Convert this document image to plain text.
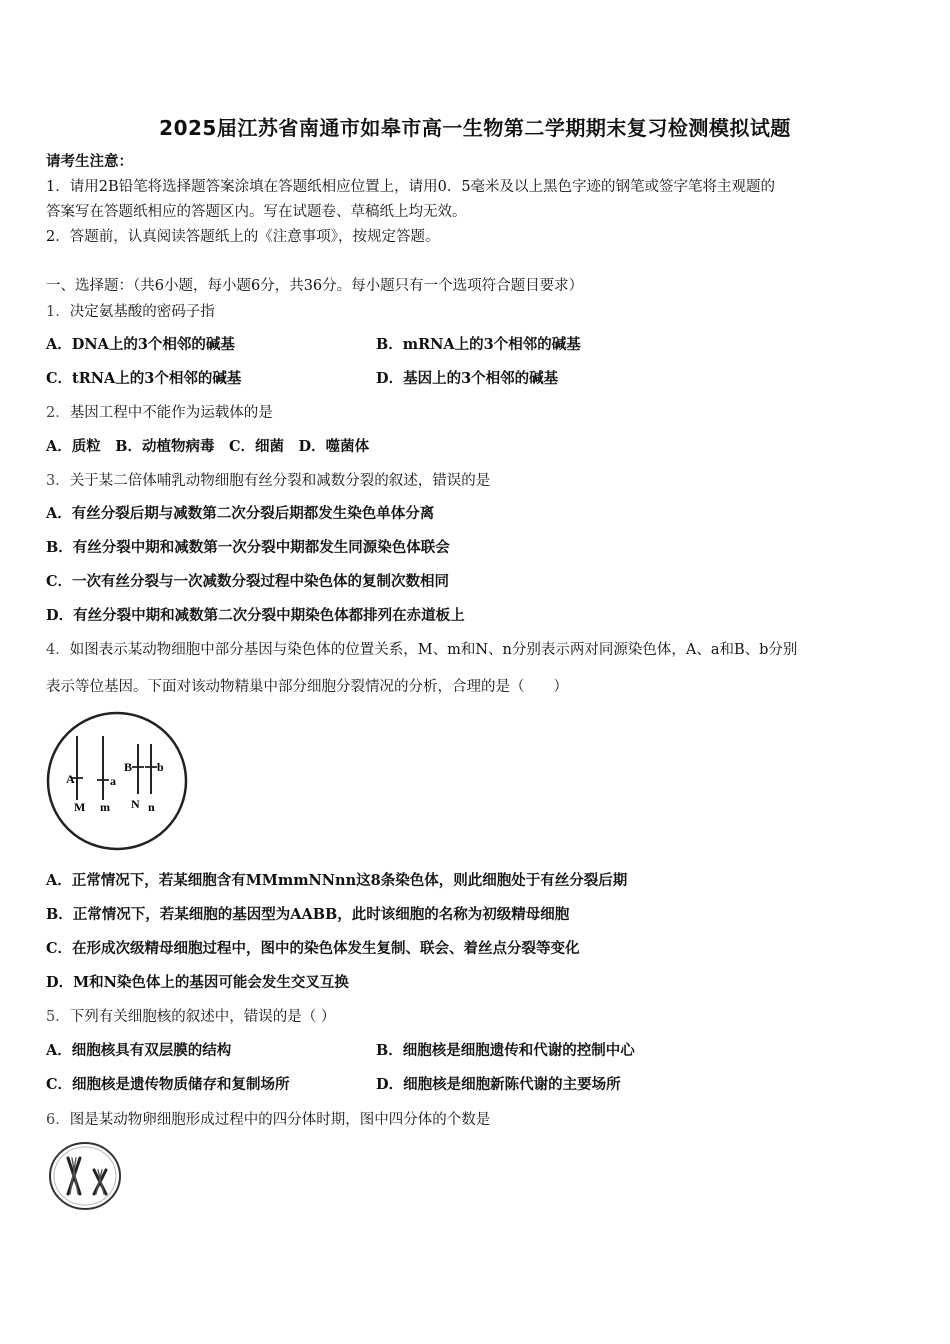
2025届江苏省南通市如皋市高一生物第二学期期末复习检测模拟试题
请考生注意：
1．请用2B铅笔将选择题答案涂填在答题纸相应位置上，请用0．5毫米及以上黑色字迹的钢笔或签字笔将主观题的
答案写在答题纸相应的答题区内。写在试题卷、草稿纸上均无效。
2．答题前，认真阅读答题纸上的《注意事项》，按规定答题。
一、选择题：（共6小题，每小题6分，共36分。每小题只有一个选项符合题目要求）
1．决定氨基酸的密码子指
A．DNA上的3个相邻的碱基	B．mRNA上的3个相邻的碱基
C．tRNA上的3个相邻的碱基	D．基因上的3个相邻的碱基
2．基因工程中不能作为运载体的是
A．质粒　B．动植物病毒　C．细菌　D．噬菌体
3．关于某二倍体哺乳动物细胞有丝分裂和减数分裂的叙述，错误的是
A．有丝分裂后期与减数第二次分裂后期都发生染色单体分离
B．有丝分裂中期和减数第一次分裂中期都发生同源染色体联会
C．一次有丝分裂与一次减数分裂过程中染色体的复制次数相同
D．有丝分裂中期和减数第二次分裂中期染色体都排列在赤道板上
4．如图表示某动物细胞中部分基因与染色体的位置关系，M、m和N、n分别表示两对同源染色体，A、a和B、b分别
表示等位基因。下面对该动物精巢中部分细胞分裂情况的分析，合理的是（　　）
A	a
B b
M m N n
A．正常情况下，若某细胞含有MMmmNNnn这8条染色体，则此细胞处于有丝分裂后期
B．正常情况下，若某细胞的基因型为AABB，此时该细胞的名称为初级精母细胞
C．在形成次级精母细胞过程中，图中的染色体发生复制、联会、着丝点分裂等变化
D．M和N染色体上的基因可能会发生交叉互换
5．下列有关细胞核的叙述中，错误的是（ ）
A．细胞核具有双层膜的结构	B．细胞核是细胞遗传和代谢的控制中心
C．细胞核是遗传物质储存和复制场所	D．细胞核是细胞新陈代谢的主要场所
6．图是某动物卵细胞形成过程中的四分体时期，图中四分体的个数是
